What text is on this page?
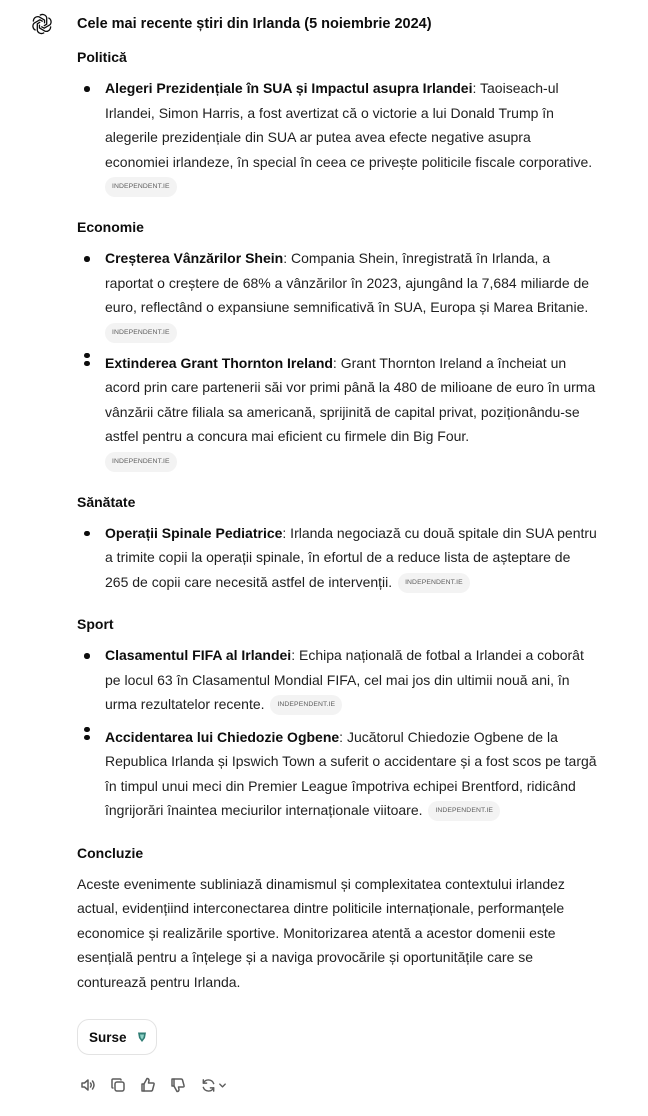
Cele mai recente știri din Irlanda (5 noiembrie 2024)
Politică
Alegeri Prezidențiale în SUA și Impactul asupra Irlandei: Taoiseach-ul Irlandei, Simon Harris, a fost avertizat că o victorie a lui Donald Trump în alegerile prezidențiale din SUA ar putea avea efecte negative asupra economiei irlandeze, în special în ceea ce privește politicile fiscale corporative.
INDEPENDENT.IE
Economie
Creșterea Vânzărilor Shein: Compania Shein, înregistrată în Irlanda, a raportat o creștere de 68% a vânzărilor în 2023, ajungând la 7,684 miliarde de euro, reflectând o expansiune semnificativă în SUA, Europa și Marea Britanie.
INDEPENDENT.IE
Extinderea Grant Thornton Ireland: Grant Thornton Ireland a încheiat un acord prin care partenerii săi vor primi până la 480 de milioane de euro în urma vânzării către filiala sa americană, sprijinită de capital privat, poziționându-se astfel pentru a concura mai eficient cu firmele din Big Four.
INDEPENDENT.IE
Sănătate
Operații Spinale Pediatrice: Irlanda negociază cu două spitale din SUA pentru a trimite copii la operații spinale, în efortul de a reduce lista de așteptare de 265 de copii care necesită astfel de intervenții. INDEPENDENT.IE
Sport
Clasamentul FIFA al Irlandei: Echipa națională de fotbal a Irlandei a coborât pe locul 63 în Clasamentul Mondial FIFA, cel mai jos din ultimii nouă ani, în urma rezultatelor recente. INDEPENDENT.IE
Accidentarea lui Chiedozie Ogbene: Jucătorul Chiedozie Ogbene de la Republica Irlanda și Ipswich Town a suferit o accidentare și a fost scos pe targă în timpul unui meci din Premier League împotriva echipei Brentford, ridicând îngrijorări înaintea meciurilor internaționale viitoare. INDEPENDENT.IE
Concluzie

Aceste evenimente subliniază dinamismul și complexitatea contextului irlandez actual, evidențiind interconectarea dintre politicile internaționale, performanțele economice și realizările sportive. Monitorizarea atentă a acestor domenii este esențială pentru a înțelege și a naviga provocările și oportunitățile care se conturează pentru Irlanda.

Surse
